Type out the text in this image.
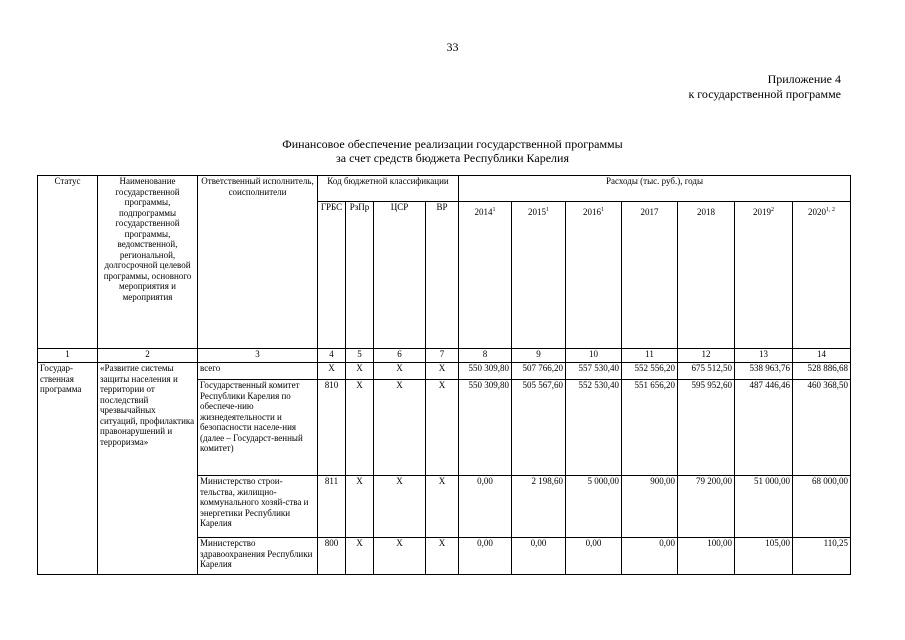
33
Приложение 4
к государственной программе
Финансовое обеспечение реализации государственной программы
за счет средств бюджета Республики Карелия
Статус	Наименование государственной программы, подпрограммы государственной программы, ведомственной, региональной, долгосрочной целевой программы, основного мероприятия и мероприятия	Ответственный исполнитель, соисполнители	Код бюджетной классификации				Расходы (тыс. руб.), годы						
			ГРБС	РзПр	ЦСР	ВР	2014$^1$	2015$^1$	2016$^1$	2017	2018	2019$^2$	2020$^{1, 2}$
1	2	3	4	5	6	7	8	9	10	11	12	13	14
Государ-ственная программа	«Развитие системы защиты населения и территории от последствий чрезвычайных ситуаций, профилактика правонарушений и терроризма»	всего	X	X	X	X	550 309,80	507 766,20	557 530,40	552 556,20	675 512,50	538 963,76	528 886,68
		Государственный комитет Республики Карелия по обеспече-нию жизнедеятельности и безопасности населе-ния (далее – Государст-венный комитет)	810	X	X	X	550 309,80	505 567,60	552 530,40	551 656,20	595 952,60	487 446,46	460 368,50
		Министерство строи-тельства, жилищно-коммунального хозяй-ства и энергетики Республики Карелия	811	X	X	X	0,00	2 198,60	5 000,00	900,00	79 200,00	51 000,00	68 000,00
		Министерство здравоохранения Республики Карелия	800	X	X	X	0,00	0,00	0,00	0,00	100,00	105,00	110,25
